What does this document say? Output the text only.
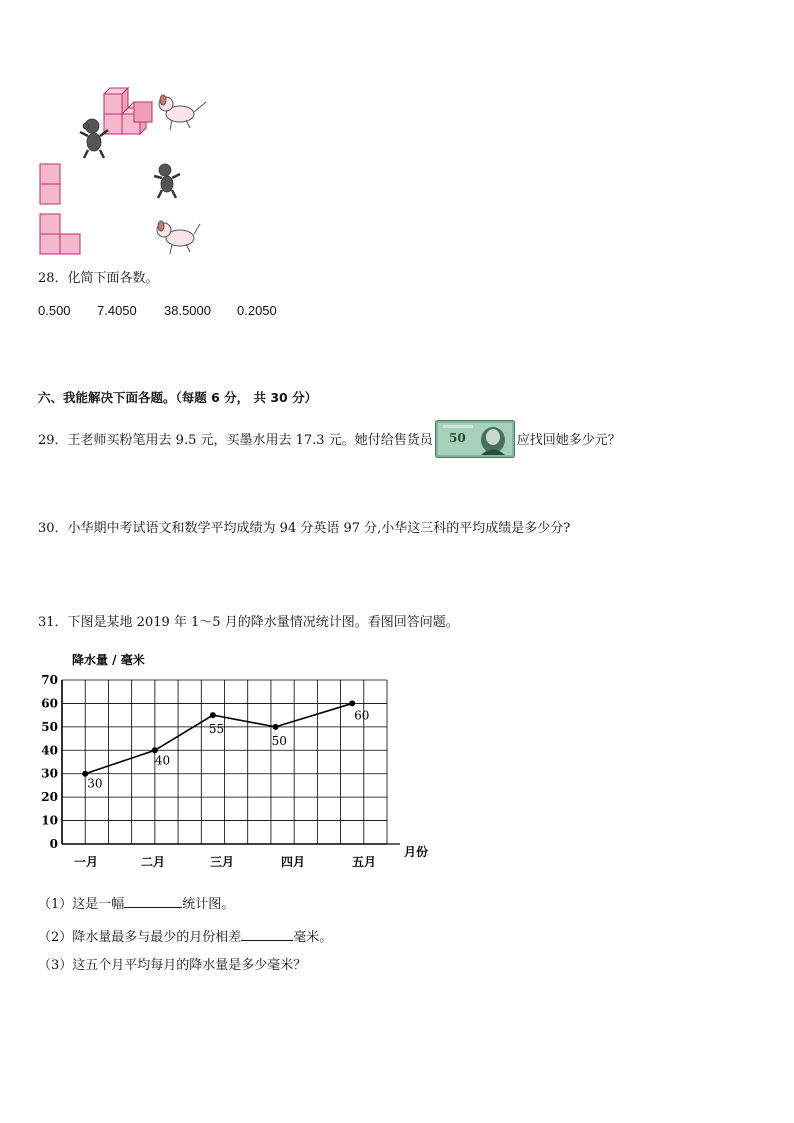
28．化简下面各数。
0.500 7.4050 38.5000 0.2050
六、我能解决下面各题。（每题 6 分， 共 30 分）
29．王老师买粉笔用去 9.5 元，买墨水用去 17.3 元。她付给售货员 50	应找回她多少元？
30．小华期中考试语文和数学平均成绩为 94 分英语 97 分,小华这三科的平均成绩是多少分?
31．下图是某地 2019 年 1～5 月的降水量情况统计图。看图回答问题。
降水量 / 毫米
月份
0
10
20
30
40
50
60
70
一月	二月	三月	四月	五月
30
40
55
50
60
（1）这是一幅	统计图。
（2）降水量最多与最少的月份相差	毫米。
（3）这五个月平均每月的降水量是多少毫米？
